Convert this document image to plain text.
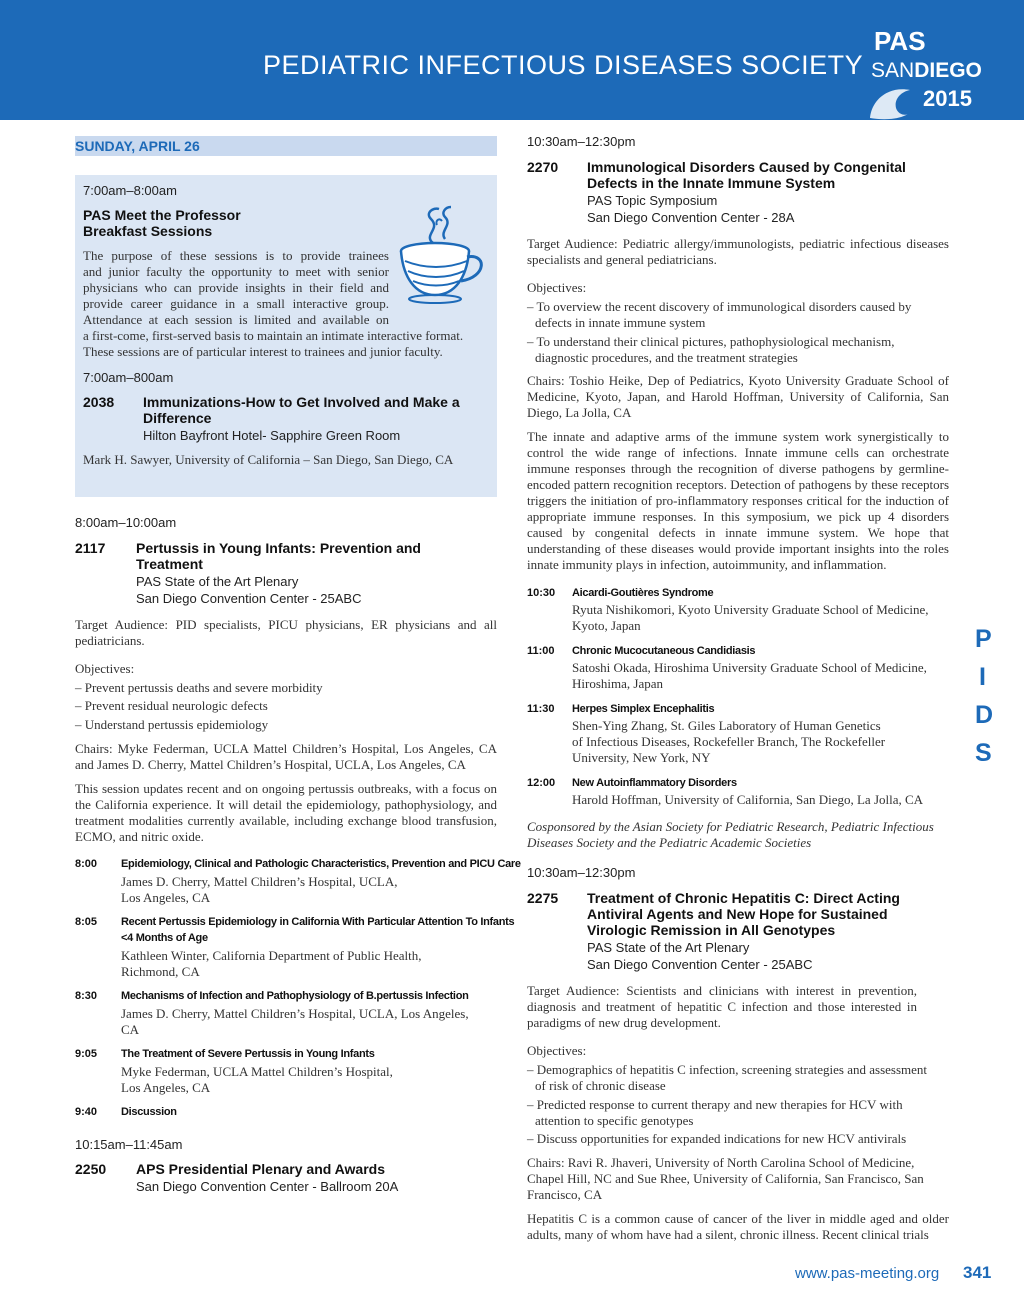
PEDIATRIC INFECTIOUS DISEASES SOCIETY
PAS
SANDIEGO
2015
SUNDAY, APRIL 26
7:00am–8:00am
PAS Meet the Professor Breakfast Sessions
The purpose of these sessions is to provide trainees
and junior faculty the opportunity to meet with senior
physicians who can provide insights in their field and
provide career guidance in a small interactive group.
Attendance at each session is limited and available on
a first-come, first-served basis to maintain an intimate interactive format.
These sessions are of particular interest to trainees and junior faculty.
7:00am–800am
2038 Immunizations-How to Get Involved and Make a Difference
Hilton Bayfront Hotel- Sapphire Green Room
Mark H. Sawyer, University of California – San Diego, San Diego, CA
8:00am–10:00am
2117 Pertussis in Young Infants: Prevention and Treatment
PAS State of the Art Plenary
San Diego Convention Center - 25ABC
Target Audience: PID specialists, PICU physicians, ER physicians and all pediatricians.
Objectives:
– Prevent pertussis deaths and severe morbidity
– Prevent residual neurologic defects
– Understand pertussis epidemiology
Chairs: Myke Federman, UCLA Mattel Children’s Hospital, Los Angeles, CA and James D. Cherry, Mattel Children’s Hospital, UCLA, Los Angeles, CA
This session updates recent and on ongoing pertussis outbreaks, with a focus on the California experience. It will detail the epidemiology, pathophysiology, and treatment modalities currently available, including exchange blood transfusion, ECMO, and nitric oxide.
8:00 Epidemiology, Clinical and Pathologic Characteristics, Prevention and PICU Care
James D. Cherry, Mattel Children’s Hospital, UCLA,
Los Angeles, CA
8:05 Recent Pertussis Epidemiology in California With Particular Attention To Infants
<4 Months of Age
Kathleen Winter, California Department of Public Health,
Richmond, CA
8:30 Mechanisms of Infection and Pathophysiology of B.pertussis Infection
James D. Cherry, Mattel Children’s Hospital, UCLA, Los Angeles,
CA
9:05 The Treatment of Severe Pertussis in Young Infants
Myke Federman, UCLA Mattel Children’s Hospital,
Los Angeles, CA
9:40 Discussion
10:15am–11:45am
2250 APS Presidential Plenary and Awards
San Diego Convention Center - Ballroom 20A
10:30am–12:30pm
2270 Immunological Disorders Caused by Congenital Defects in the Innate Immune System
PAS Topic Symposium
San Diego Convention Center - 28A
Target Audience: Pediatric allergy/immunologists, pediatric infectious diseases specialists and general pediatricians.
Objectives:
– To overview the recent discovery of immunological disorders caused by
defects in innate immune system
– To understand their clinical pictures, pathophysiological mechanism,
diagnostic procedures, and the treatment strategies
Chairs: Toshio Heike, Dep of Pediatrics, Kyoto University Graduate School of Medicine, Kyoto, Japan, and Harold Hoffman, University of California, San Diego, La Jolla, CA
The innate and adaptive arms of the immune system work synergistically to control the wide range of infections. Innate immune cells can orchestrate immune responses through the recognition of diverse pathogens by germline-encoded pattern recognition receptors. Detection of pathogens by these receptors triggers the initiation of pro-inflammatory responses critical for the induction of appropriate immune responses. In this symposium, we pick up 4 disorders caused by congenital defects in innate immune system. We hope that understanding of these diseases would provide important insights into the roles innate immunity plays in infection, autoimmunity, and inflammation.
10:30 Aicardi-Goutières Syndrome
Ryuta Nishikomori, Kyoto University Graduate School of Medicine,
Kyoto, Japan
11:00 Chronic Mucocutaneous Candidiasis
Satoshi Okada, Hiroshima University Graduate School of Medicine,
Hiroshima, Japan
11:30 Herpes Simplex Encephalitis
Shen-Ying Zhang, St. Giles Laboratory of Human Genetics
of Infectious Diseases, Rockefeller Branch, The Rockefeller
University, New York, NY
12:00 New Autoinflammatory Disorders
Harold Hoffman, University of California, San Diego, La Jolla, CA
Cosponsored by the Asian Society for Pediatric Research, Pediatric Infectious Diseases Society and the Pediatric Academic Societies
10:30am–12:30pm
2275 Treatment of Chronic Hepatitis C: Direct Acting Antiviral Agents and New Hope for Sustained Virologic Remission in All Genotypes
PAS State of the Art Plenary
San Diego Convention Center - 25ABC
Target Audience: Scientists and clinicians with interest in prevention, diagnosis and treatment of hepatitic C infection and those interested in paradigms of new drug development.
Objectives:
– Demographics of hepatitis C infection, screening strategies and assessment
of risk of chronic disease
– Predicted response to current therapy and new therapies for HCV with
attention to specific genotypes
– Discuss opportunities for expanded indications for new HCV antivirals
Chairs: Ravi R. Jhaveri, University of North Carolina School of Medicine, Chapel Hill, NC and Sue Rhee, University of California, San Francisco, San Francisco, CA
Hepatitis C is a common cause of cancer of the liver in middle aged and older adults, many of whom have had a silent, chronic illness. Recent clinical trials
P
I
D
S
www.pas-meeting.org 341
